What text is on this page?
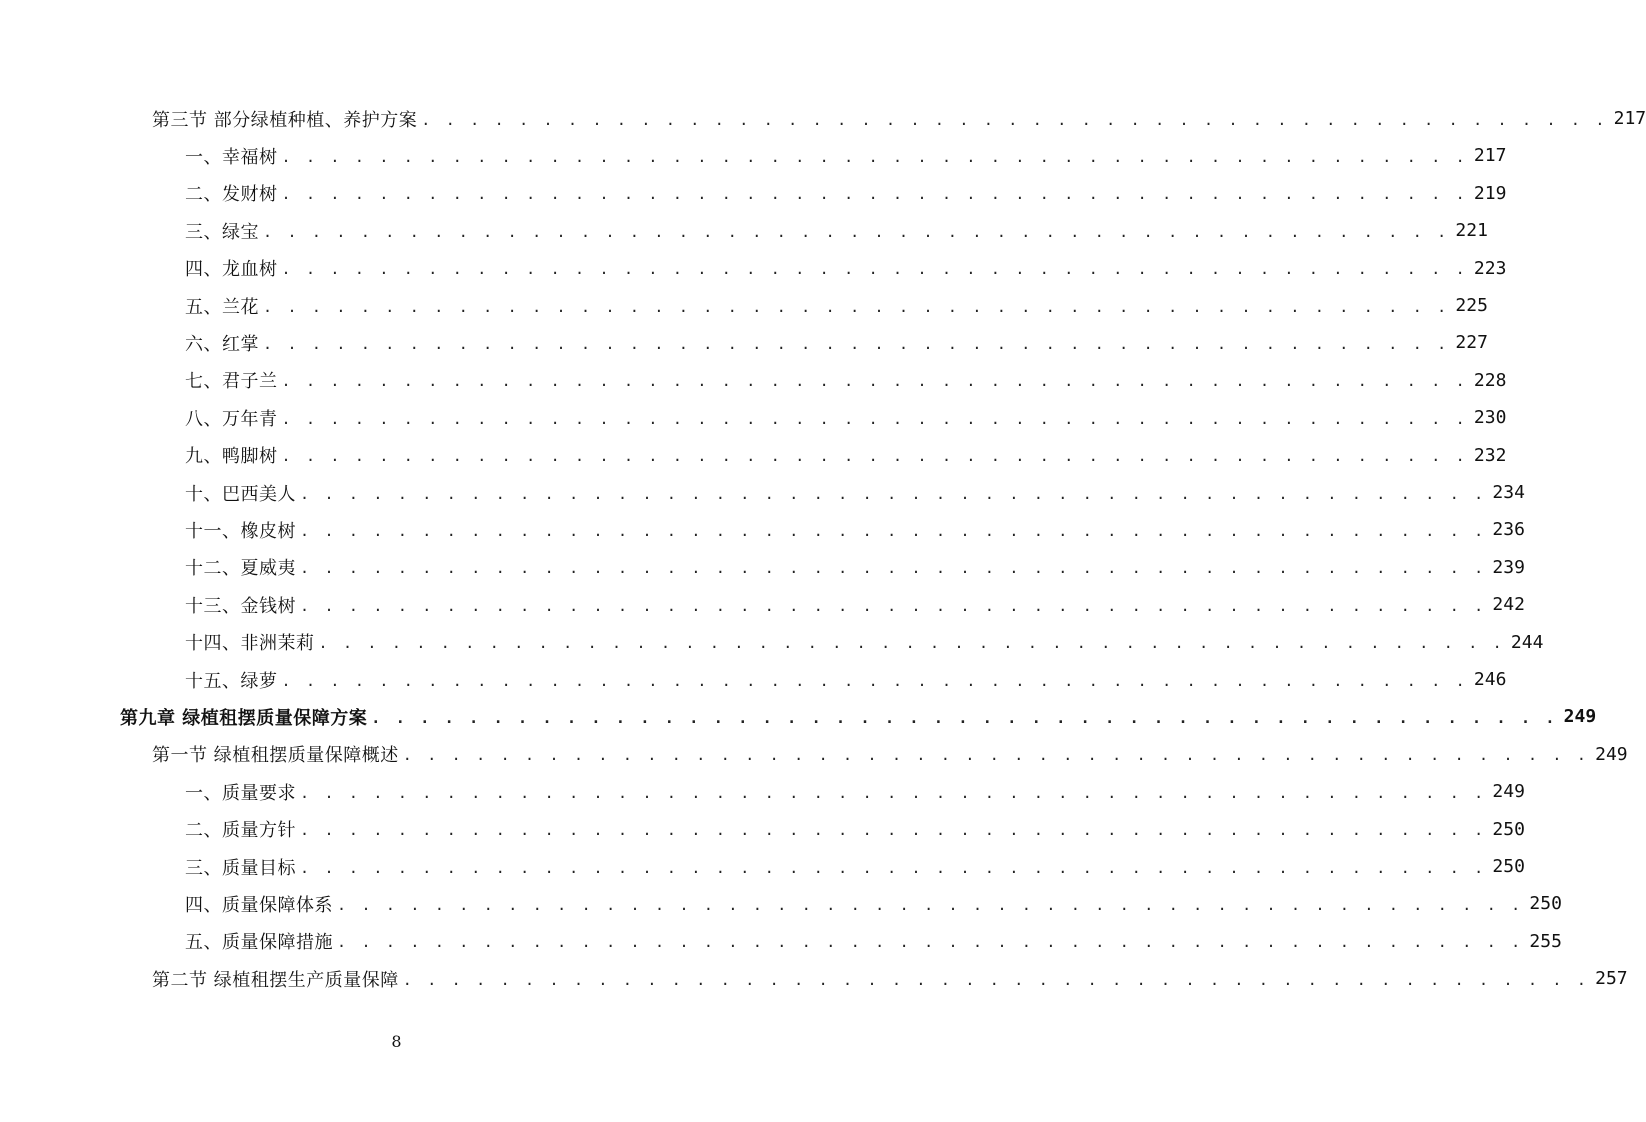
第三节 部分绿植种植、养护方案 . . . . . . . . . . . . . . . . . . . . . . . . . . . . . . . . . . . . . . . . . . . . . . . . . 217
一、幸福树 . . . . . . . . . . . . . . . . . . . . . . . . . . . . . . . . . . . . . . . . . . . . . . . . . 217
二、发财树 . . . . . . . . . . . . . . . . . . . . . . . . . . . . . . . . . . . . . . . . . . . . . . . . . 219
三、绿宝 . . . . . . . . . . . . . . . . . . . . . . . . . . . . . . . . . . . . . . . . . . . . . . . . . 221
四、龙血树 . . . . . . . . . . . . . . . . . . . . . . . . . . . . . . . . . . . . . . . . . . . . . . . . . 223
五、兰花 . . . . . . . . . . . . . . . . . . . . . . . . . . . . . . . . . . . . . . . . . . . . . . . . . 225
六、红掌 . . . . . . . . . . . . . . . . . . . . . . . . . . . . . . . . . . . . . . . . . . . . . . . . . 227
七、君子兰 . . . . . . . . . . . . . . . . . . . . . . . . . . . . . . . . . . . . . . . . . . . . . . . . . 228
八、万年青 . . . . . . . . . . . . . . . . . . . . . . . . . . . . . . . . . . . . . . . . . . . . . . . . . 230
九、鸭脚树 . . . . . . . . . . . . . . . . . . . . . . . . . . . . . . . . . . . . . . . . . . . . . . . . . 232
十、巴西美人 . . . . . . . . . . . . . . . . . . . . . . . . . . . . . . . . . . . . . . . . . . . . . . . . . 234
十一、橡皮树 . . . . . . . . . . . . . . . . . . . . . . . . . . . . . . . . . . . . . . . . . . . . . . . . . 236
十二、夏威夷 . . . . . . . . . . . . . . . . . . . . . . . . . . . . . . . . . . . . . . . . . . . . . . . . . 239
十三、金钱树 . . . . . . . . . . . . . . . . . . . . . . . . . . . . . . . . . . . . . . . . . . . . . . . . . 242
十四、非洲茉莉 . . . . . . . . . . . . . . . . . . . . . . . . . . . . . . . . . . . . . . . . . . . . . . . . . 244
十五、绿萝 . . . . . . . . . . . . . . . . . . . . . . . . . . . . . . . . . . . . . . . . . . . . . . . . . 246
第九章 绿植租摆质量保障方案 . . . . . . . . . . . . . . . . . . . . . . . . . . . . . . . . . . . . . . . . . . . . . . . . . 249
第一节 绿植租摆质量保障概述 . . . . . . . . . . . . . . . . . . . . . . . . . . . . . . . . . . . . . . . . . . . . . . . . . 249
一、质量要求 . . . . . . . . . . . . . . . . . . . . . . . . . . . . . . . . . . . . . . . . . . . . . . . . . 249
二、质量方针 . . . . . . . . . . . . . . . . . . . . . . . . . . . . . . . . . . . . . . . . . . . . . . . . . 250
三、质量目标 . . . . . . . . . . . . . . . . . . . . . . . . . . . . . . . . . . . . . . . . . . . . . . . . . 250
四、质量保障体系 . . . . . . . . . . . . . . . . . . . . . . . . . . . . . . . . . . . . . . . . . . . . . . . . . 250
五、质量保障措施 . . . . . . . . . . . . . . . . . . . . . . . . . . . . . . . . . . . . . . . . . . . . . . . . . 255
第二节 绿植租摆生产质量保障 . . . . . . . . . . . . . . . . . . . . . . . . . . . . . . . . . . . . . . . . . . . . . . . . . 257
8
